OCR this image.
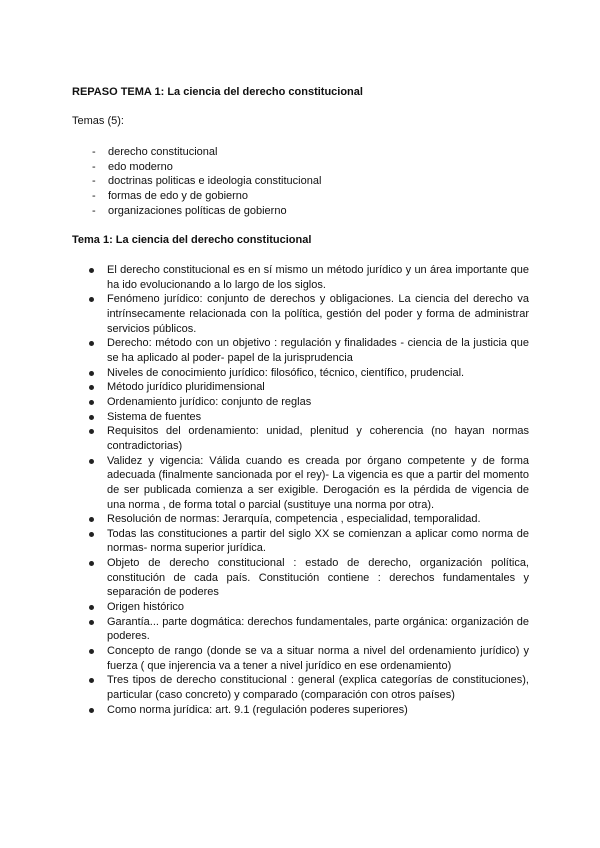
REPASO TEMA 1: La ciencia del derecho constitucional
Temas (5):
- derecho constitucional
- edo moderno
- doctrinas politicas e ideologia constitucional
- formas de edo y de gobierno
- organizaciones políticas de gobierno
Tema 1: La ciencia del derecho constitucional
El derecho constitucional es en sí mismo un método jurídico y un área importante que ha ido evolucionando a lo largo de los siglos.
Fenómeno jurídico: conjunto de derechos y obligaciones. La ciencia del derecho va intrínsecamente relacionada con la política, gestión del poder y forma de administrar servicios públicos.
Derecho: método con un objetivo : regulación y finalidades - ciencia de la justicia que se ha aplicado al poder- papel de la jurisprudencia
Niveles de conocimiento jurídico: filosófico, técnico, científico, prudencial.
Método jurídico pluridimensional
Ordenamiento jurídico: conjunto de reglas
Sistema de fuentes
Requisitos del ordenamiento: unidad, plenitud y coherencia (no hayan normas contradictorias)
Validez y vigencia: Válida cuando es creada por órgano competente y de forma adecuada (finalmente sancionada por el rey)- La vigencia es que a partir del momento de ser publicada comienza a ser exigible. Derogación es la pérdida de vigencia de una norma , de forma total o parcial (sustituye una norma por otra).
Resolución de normas: Jerarquía, competencia , especialidad, temporalidad.
Todas las constituciones a partir del siglo XX se comienzan a aplicar como norma de normas- norma superior jurídica.
Objeto de derecho constitucional : estado de derecho, organización política, constitución de cada país. Constitución contiene : derechos fundamentales y separación de poderes
Origen histórico
Garantía... parte dogmática: derechos fundamentales, parte orgánica: organización de poderes.
Concepto de rango (donde se va a situar norma a nivel del ordenamiento jurídico) y fuerza ( que injerencia va a tener a nivel jurídico en ese ordenamiento)
Tres tipos de derecho constitucional : general (explica categorías de constituciones), particular (caso concreto) y comparado (comparación con otros países)
Como norma jurídica: art. 9.1 (regulación poderes superiores)
